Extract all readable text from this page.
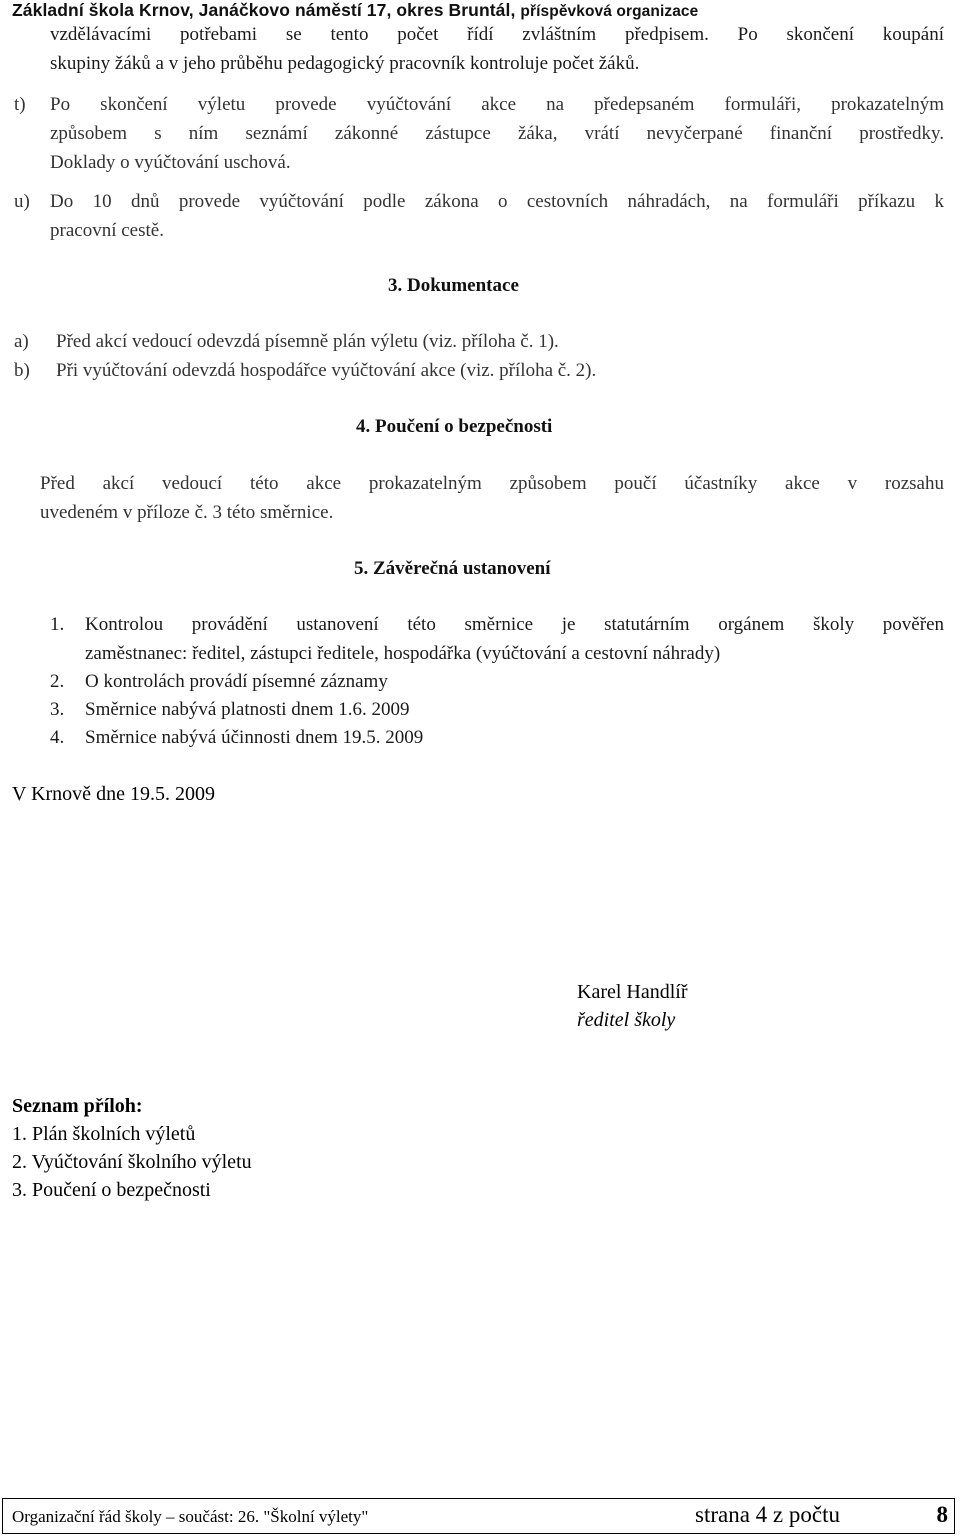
Základní škola Krnov, Janáčkovo náměstí 17, okres Bruntál, příspěvková organizace
vzdělávacími potřebami se tento počet řídí zvláštním předpisem. Po skončení koupání
skupiny žáků a v jeho průběhu pedagogický pracovník kontroluje počet žáků.
t) Po skončení výletu provede vyúčtování akce na předepsaném formuláři, prokazatelným
způsobem s ním seznámí zákonné zástupce žáka, vrátí nevyčerpané finanční prostředky.
Doklady o vyúčtování uschová.
u) Do 10 dnů provede vyúčtování podle zákona o cestovních náhradách, na formuláři příkazu k
pracovní cestě.
3. Dokumentace
a) Před akcí vedoucí odevzdá písemně plán výletu (viz. příloha č. 1).
b) Při vyúčtování odevzdá hospodářce vyúčtování akce (viz. příloha č. 2).
4. Poučení o bezpečnosti
Před akcí vedoucí této akce prokazatelným způsobem poučí účastníky akce v rozsahu
uvedeném v příloze č. 3 této směrnice.
5. Závěrečná ustanovení
1. Kontrolou provádění ustanovení této směrnice je statutárním orgánem školy pověřen
zaměstnanec: ředitel, zástupci ředitele, hospodářka (vyúčtování a cestovní náhrady)
2. O kontrolách provádí písemné záznamy
3. Směrnice nabývá platnosti dnem 1.6. 2009
4. Směrnice nabývá účinnosti dnem 19.5. 2009
V Krnově dne 19.5. 2009
Karel Handlíř
ředitel školy
Seznam příloh:
1. Plán školních výletů
2. Vyúčtování školního výletu
3. Poučení o bezpečnosti
Organizační řád školy – součást: 26. "Školní výlety"	strana 4 z počtu	8
